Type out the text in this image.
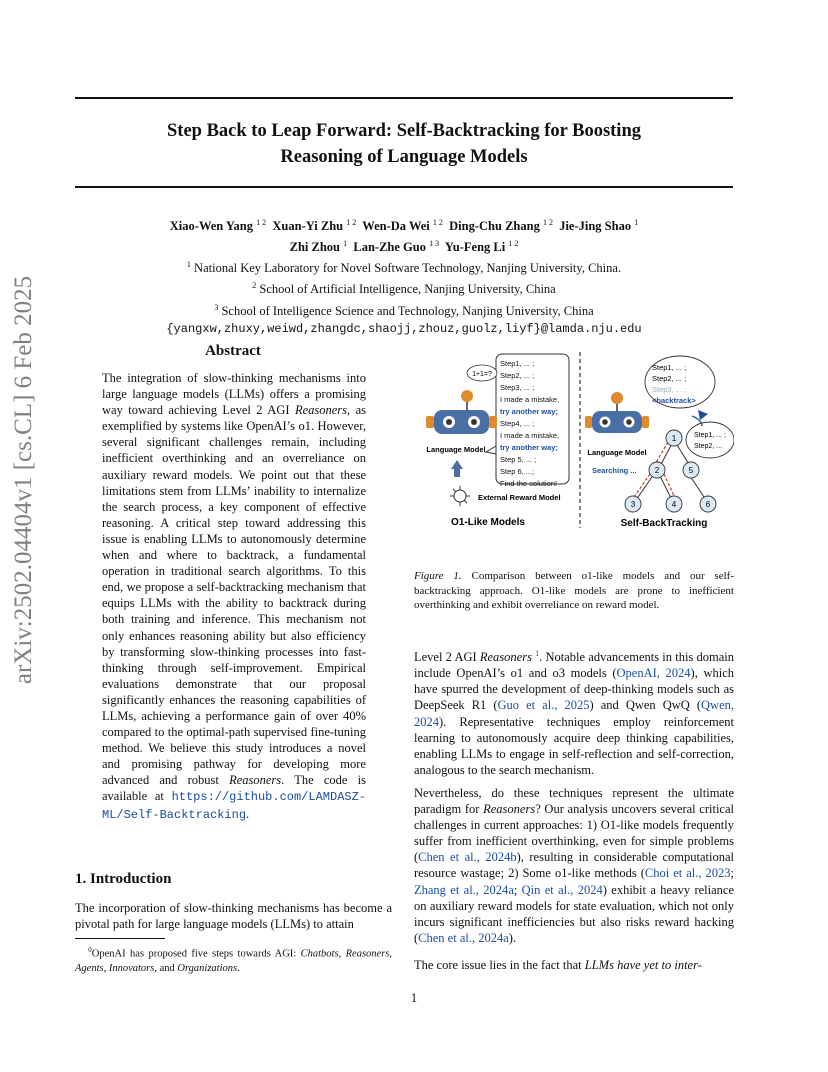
Step Back to Leap Forward: Self-Backtracking for Boosting
Reasoning of Language Models
Xiao-Wen Yang $^{1 2}$ Xuan-Yi Zhu $^{1 2}$ Wen-Da Wei $^{1 2}$ Ding-Chu Zhang $^{1 2}$ Jie-Jing Shao $^1$
Zhi Zhou $^1$ Lan-Zhe Guo $^{1 3}$ Yu-Feng Li $^{1 2}$
$^1$ National Key Laboratory for Novel Software Technology, Nanjing University, China.
$^2$ School of Artificial Intelligence, Nanjing University, China
$^3$ School of Intelligence Science and Technology, Nanjing University, China
{yangxw,zhuxy,weiwd,zhangdc,shaojj,zhouz,guolz,liyf}@lamda.nju.edu
arXiv:2502.04404v1 [cs.CL] 6 Feb 2025	Abstract
The integration of slow-thinking mechanisms into large language models (LLMs) offers a promising way toward achieving Level 2 AGI Reasoners, as exemplified by systems like OpenAI’s o1. However, several significant challenges remain, including inefficient overthinking and an overreliance on auxiliary reward models. We point out that these limitations stem from LLMs’ inability to internalize the search process, a key component of effective reasoning. A critical step toward addressing this issue is enabling LLMs to autonomously determine when and where to backtrack, a fundamental operation in traditional search algorithms. To this end, we propose a self-backtracking mechanism that equips LLMs with the ability to backtrack during both training and inference. This mechanism not only enhances reasoning ability but also efficiency by transforming slow-thinking processes into fast-thinking through self-improvement. Empirical evaluations demonstrate that our proposal significantly enhances the reasoning capabilities of LLMs, achieving a performance gain of over 40% compared to the optimal-path supervised fine-tuning method. We believe this study introduces a novel and promising pathway for developing more advanced and robust Reasoners. The code is available at https://github.com/LAMDASZ-ML/Self-Backtracking.
1. Introduction
The incorporation of slow-thinking mechanisms has become a pivotal path for large language models (LLMs) to attain
$^0$OpenAI has proposed five steps towards AGI: Chatbots, Reasoners, Agents, Innovators, and Organizations.
Step1, ... ;
Step2, ... ;
Step3, ... ;
I made a mistake,
try another way;
Step4, ... ;
I made a mistake,
try another way;
Step 5, ... ;
Step 6, ...;
Find the solution!
1+1=?
Language Model
External Reward Model
O1-Like Models
Language Model
Searching ...
Step1, ... ;
Step2, ... ;
Step3, ... ;
<backtrack>
Step1, ... ;
Step2, ...
1
2
3	4
5
6
Self-BackTracking
Figure 1. Comparison between o1-like models and our self-backtracking approach. O1-like models are prone to inefficient overthinking and exhibit overreliance on reward model.
Level 2 AGI Reasoners $^1$. Notable advancements in this domain include OpenAI’s o1 and o3 models (OpenAI, 2024), which have spurred the development of deep-thinking models such as DeepSeek R1 (Guo et al., 2025) and Qwen QwQ (Qwen, 2024). Representative techniques employ reinforcement learning to autonomously acquire deep thinking capabilities, enabling LLMs to engage in self-reflection and self-correction, analogous to the search mechanism.
Nevertheless, do these techniques represent the ultimate paradigm for Reasoners? Our analysis uncovers several critical challenges in current approaches: 1) O1-like models frequently suffer from inefficient overthinking, even for simple problems (Chen et al., 2024b), resulting in considerable computational resource wastage; 2) Some o1-like methods (Choi et al., 2023; Zhang et al., 2024a; Qin et al., 2024) exhibit a heavy reliance on auxiliary reward models for state evaluation, which not only incurs significant inefficiencies but also risks reward hacking (Chen et al., 2024a).
The core issue lies in the fact that LLMs have yet to inter-
1
